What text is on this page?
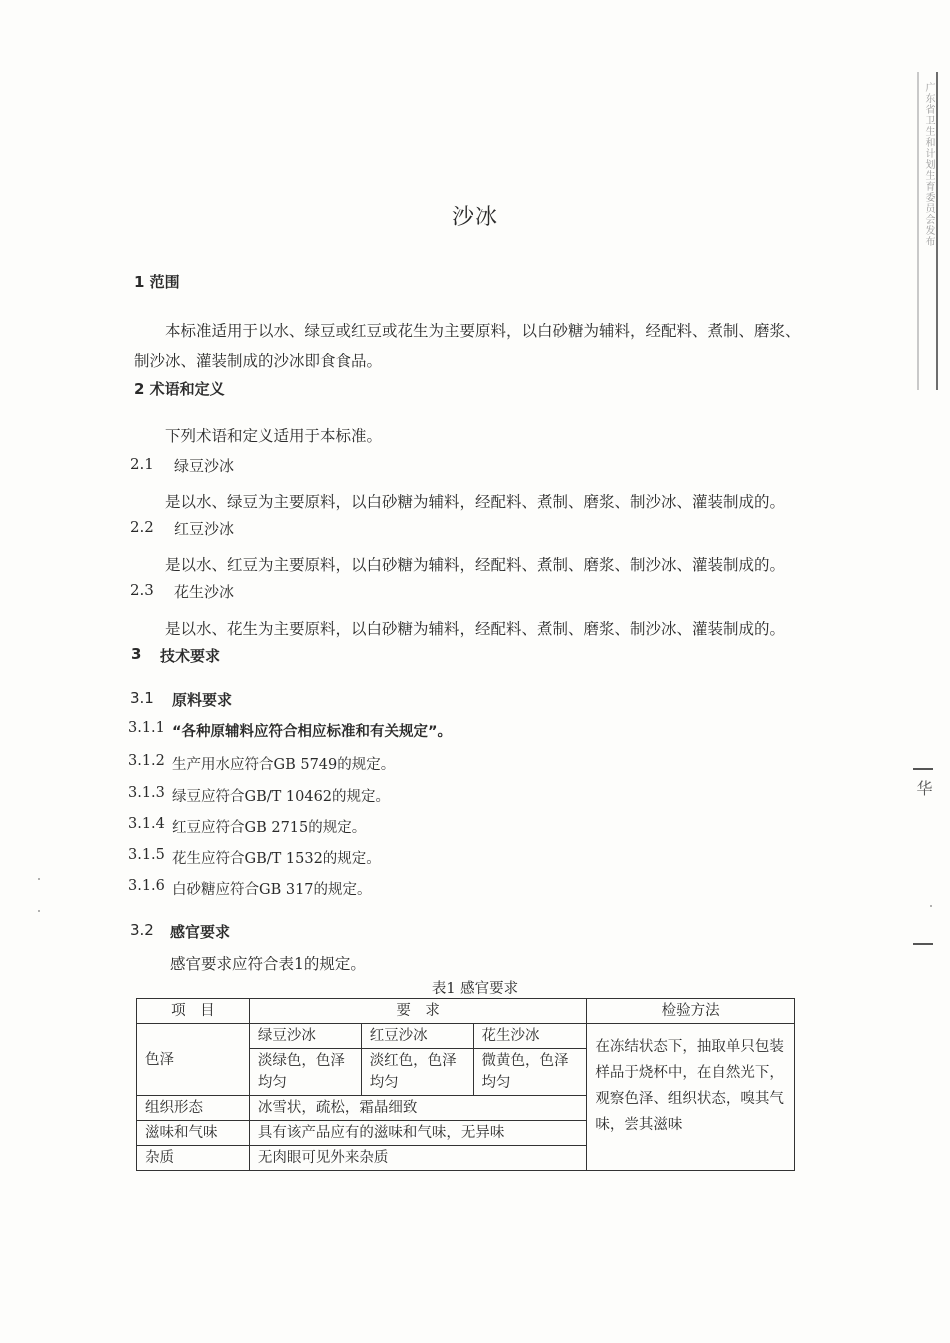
广东省卫生和计划生育委员会发布
华
沙冰
1 范围
本标准适用于以水、绿豆或红豆或花生为主要原料，以白砂糖为辅料，经配料、煮制、磨浆、
制沙冰、灌装制成的沙冰即食食品。
2 术语和定义
下列术语和定义适用于本标准。
2.1 绿豆沙冰
是以水、绿豆为主要原料，以白砂糖为辅料，经配料、煮制、磨浆、制沙冰、灌装制成的。
2.2 红豆沙冰
是以水、红豆为主要原料，以白砂糖为辅料，经配料、煮制、磨浆、制沙冰、灌装制成的。
2.3 花生沙冰
是以水、花生为主要原料，以白砂糖为辅料，经配料、煮制、磨浆、制沙冰、灌装制成的。
3 技术要求
3.1 原料要求
3.1.1 “各种原辅料应符合相应标准和有关规定”。
3.1.2 生产用水应符合GB 5749的规定。
3.1.3 绿豆应符合GB/T 10462的规定。
3.1.4 红豆应符合GB 2715的规定。
3.1.5 花生应符合GB/T 1532的规定。
3.1.6 白砂糖应符合GB 317的规定。
3.2 感官要求
感官要求应符合表1的规定。
表1 感官要求
项　目	要　求			检验方法
色泽	绿豆沙冰	红豆沙冰	花生沙冰	在冻结状态下，抽取单只包装样品于烧杯中，在自然光下，观察色泽、组织状态，嗅其气味，尝其滋味
	淡绿色，色泽均匀	淡红色，色泽均匀	微黄色，色泽均匀	
组织形态	冰雪状，疏松，霜晶细致			
滋味和气味	具有该产品应有的滋味和气味，无异味			
杂质	无肉眼可见外来杂质			
